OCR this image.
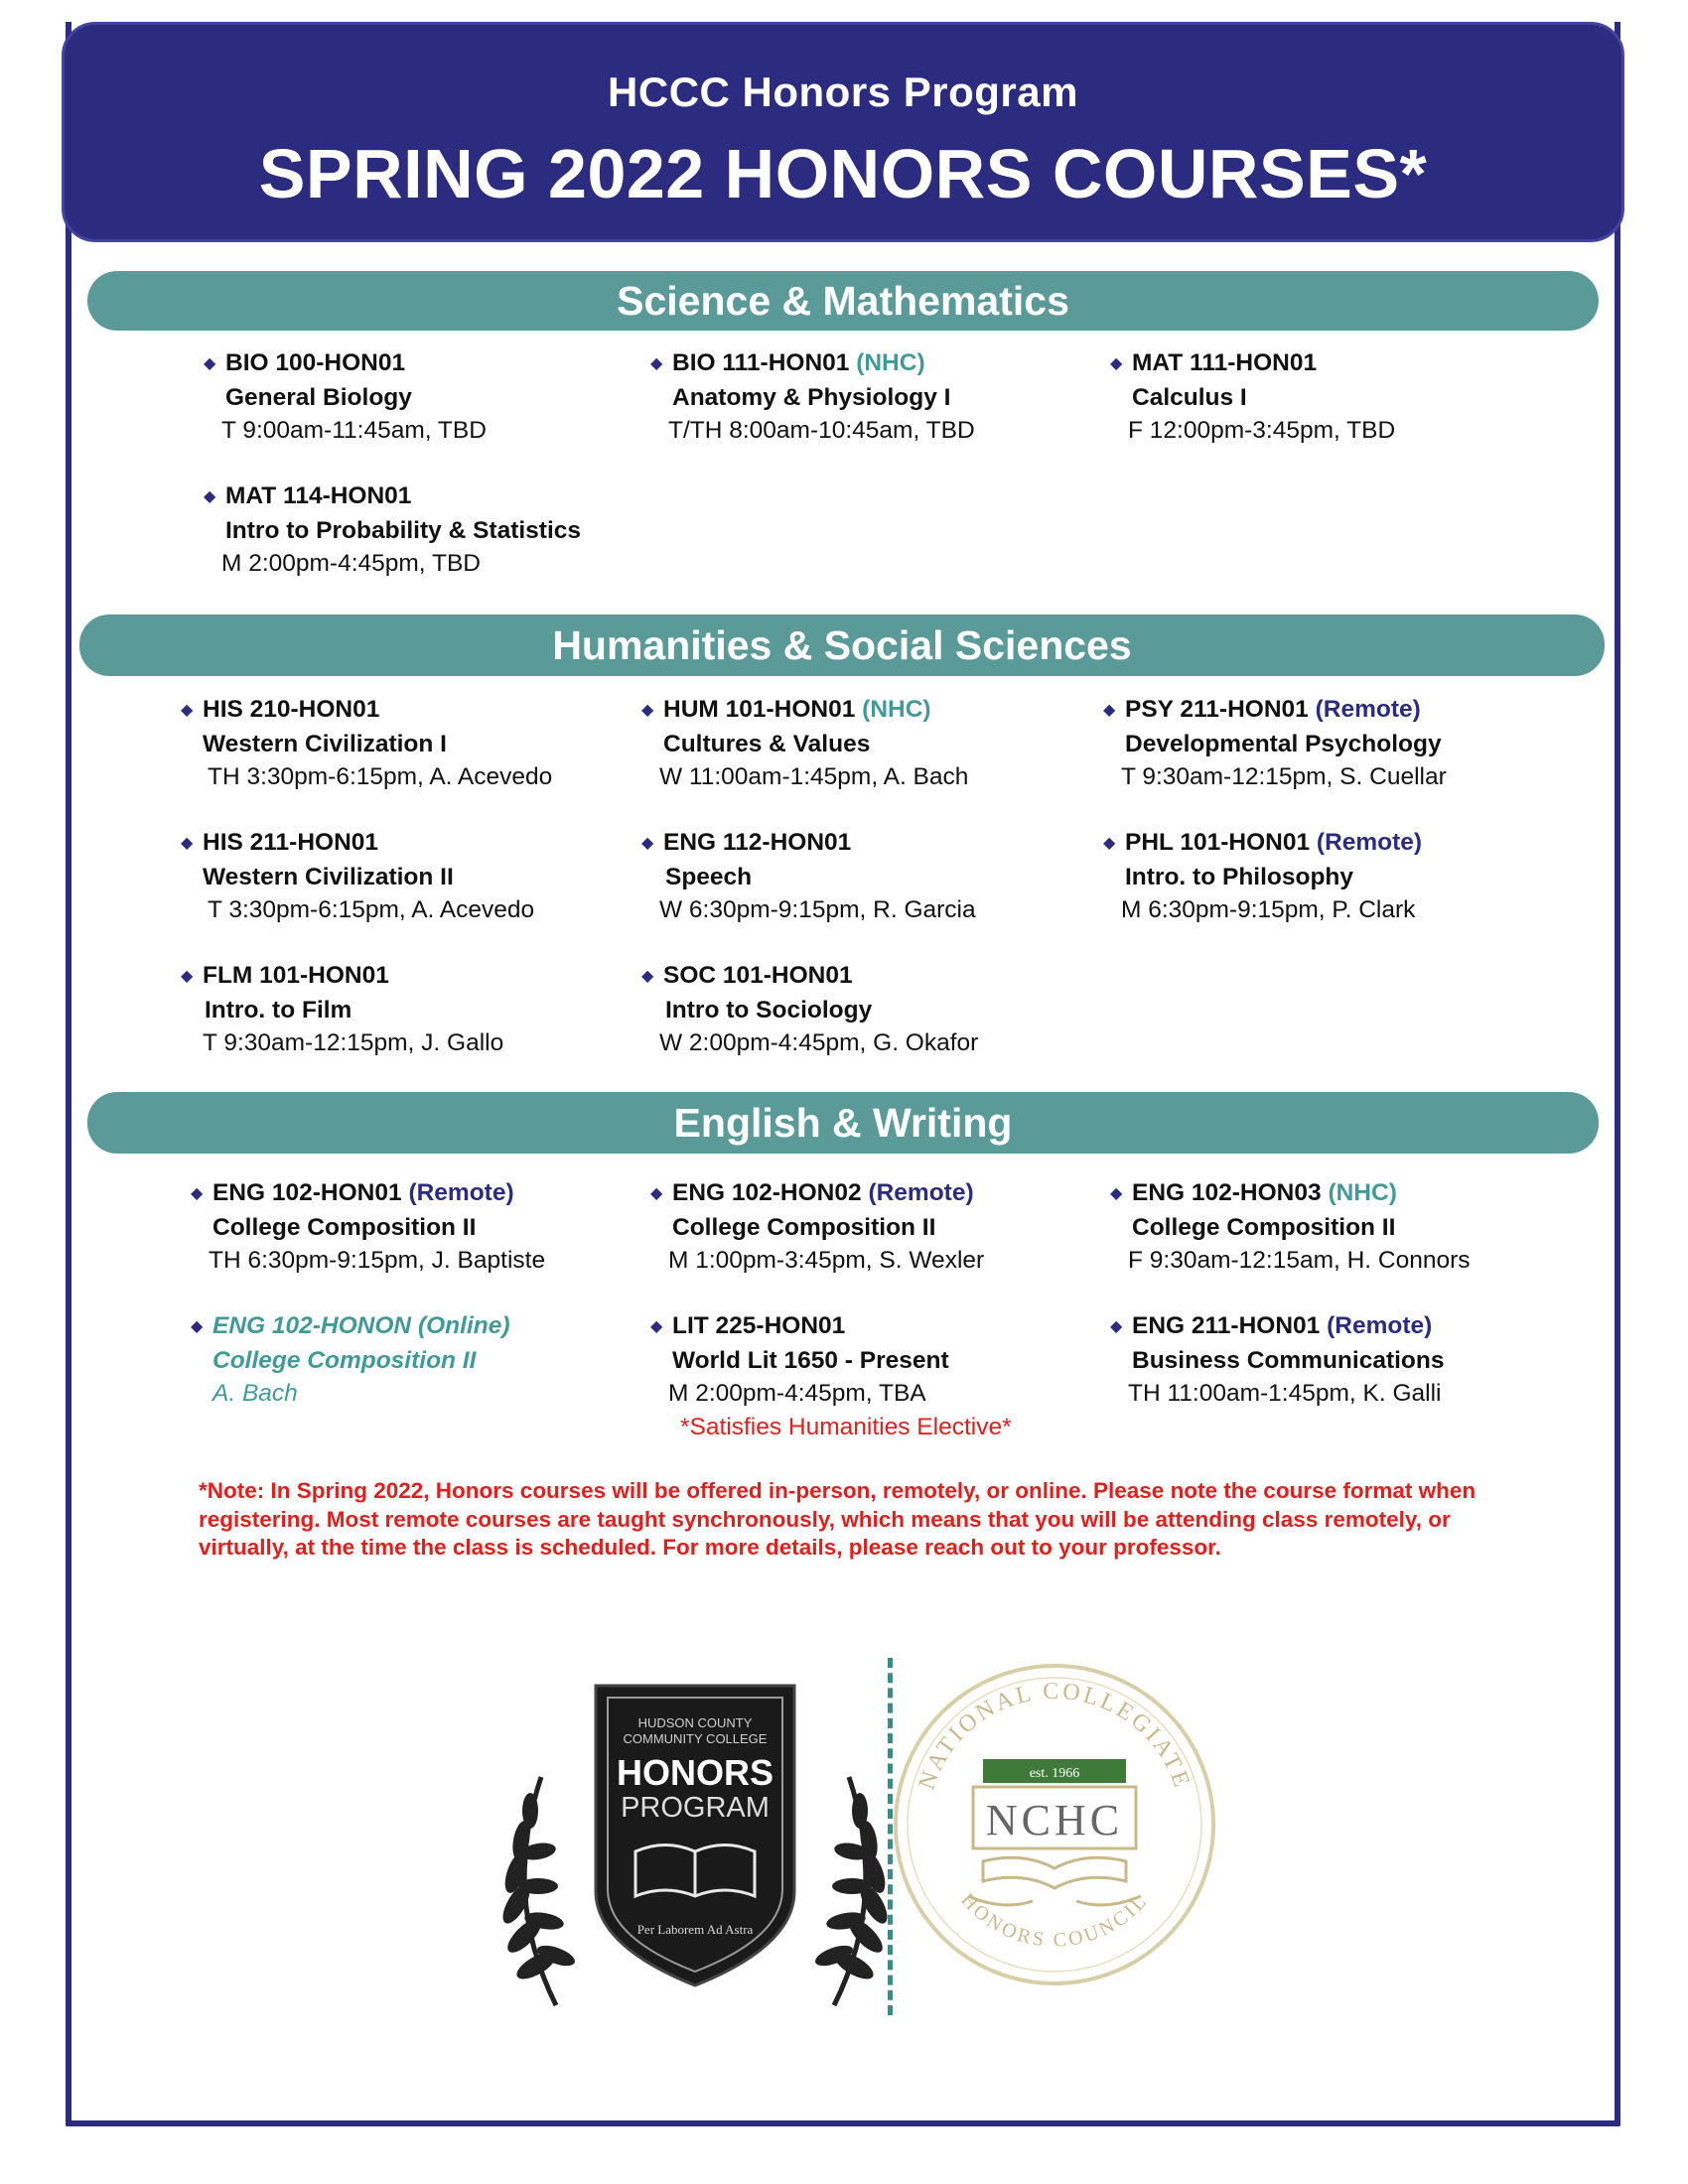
HCCC Honors Program
SPRING 2022 HONORS COURSES*
Science & Mathematics
◆ BIO 100-HON01
General Biology
T 9:00am-11:45am, TBD
◆ BIO 111-HON01 (NHC)
Anatomy & Physiology I
T/TH 8:00am-10:45am, TBD
◆ MAT 111-HON01
Calculus I
F 12:00pm-3:45pm, TBD
◆ MAT 114-HON01
Intro to Probability & Statistics
M 2:00pm-4:45pm, TBD
Humanities & Social Sciences
◆ HIS 210-HON01
Western Civilization I
TH 3:30pm-6:15pm, A. Acevedo
◆ HUM 101-HON01 (NHC)
Cultures & Values
W 11:00am-1:45pm, A. Bach
◆ PSY 211-HON01 (Remote)
Developmental Psychology
T 9:30am-12:15pm, S. Cuellar
◆ HIS 211-HON01
Western Civilization II
T 3:30pm-6:15pm, A. Acevedo
◆ ENG 112-HON01
Speech
W 6:30pm-9:15pm, R. Garcia
◆ PHL 101-HON01 (Remote)
Intro. to Philosophy
M 6:30pm-9:15pm, P. Clark
◆ FLM 101-HON01
Intro. to Film
T 9:30am-12:15pm, J. Gallo
◆ SOC 101-HON01
Intro to Sociology
W 2:00pm-4:45pm, G. Okafor
English & Writing
◆ ENG 102-HON01 (Remote)
College Composition II
TH 6:30pm-9:15pm, J. Baptiste
◆ ENG 102-HON02 (Remote)
College Composition II
M 1:00pm-3:45pm, S. Wexler
◆ ENG 102-HON03 (NHC)
College Composition II
F 9:30am-12:15am, H. Connors
◆ ENG 102-HONON (Online)
College Composition II
A. Bach
◆ LIT 225-HON01
World Lit 1650 - Present
M 2:00pm-4:45pm, TBA
*Satisfies Humanities Elective*
◆ ENG 211-HON01 (Remote)
Business Communications
TH 11:00am-1:45pm, K. Galli
*Note: In Spring 2022, Honors courses will be offered in-person, remotely, or online. Please note the course format when registering. Most remote courses are taught synchronously, which means that you will be attending class remotely, or virtually, at the time the class is scheduled. For more details, please reach out to your professor.
HUDSON COUNTY
COMMUNITY COLLEGE
HONORS
PROGRAM
Per Laborem Ad Astra
NATIONAL COLLEGIATE
HONORS COUNCIL
est. 1966
NCHC
